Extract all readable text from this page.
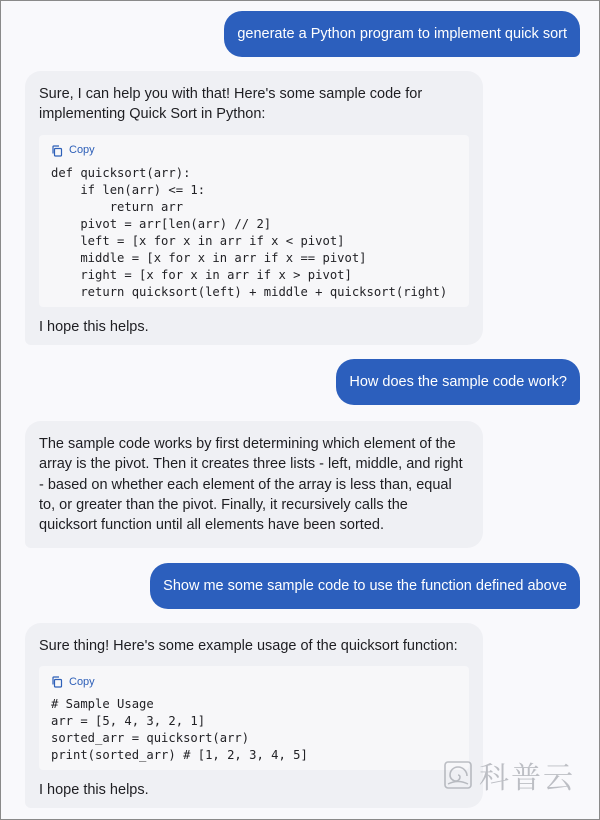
generate a Python program to implement quick sort

Sure, I can help you with that! Here's some sample code for implementing Quick Sort in Python:

Copy
def quicksort(arr):
if len(arr) <= 1:
return arr
pivot = arr[len(arr) // 2]
left = [x for x in arr if x < pivot]
middle = [x for x in arr if x == pivot]
right = [x for x in arr if x > pivot]
return quicksort(left) + middle + quicksort(right)

I hope this helps.

How does the sample code work?

The sample code works by first determining which element of the array is the pivot. Then it creates three lists - left, middle, and right - based on whether each element of the array is less than, equal to, or greater than the pivot. Finally, it recursively calls the quicksort function until all elements have been sorted.

Show me some sample code to use the function defined above

Sure thing! Here's some example usage of the quicksort function:

Copy
# Sample Usage
arr = [5, 4, 3, 2, 1]
sorted_arr = quicksort(arr)
print(sorted_arr) # [1, 2, 3, 4, 5]

I hope this helps.	科普云
